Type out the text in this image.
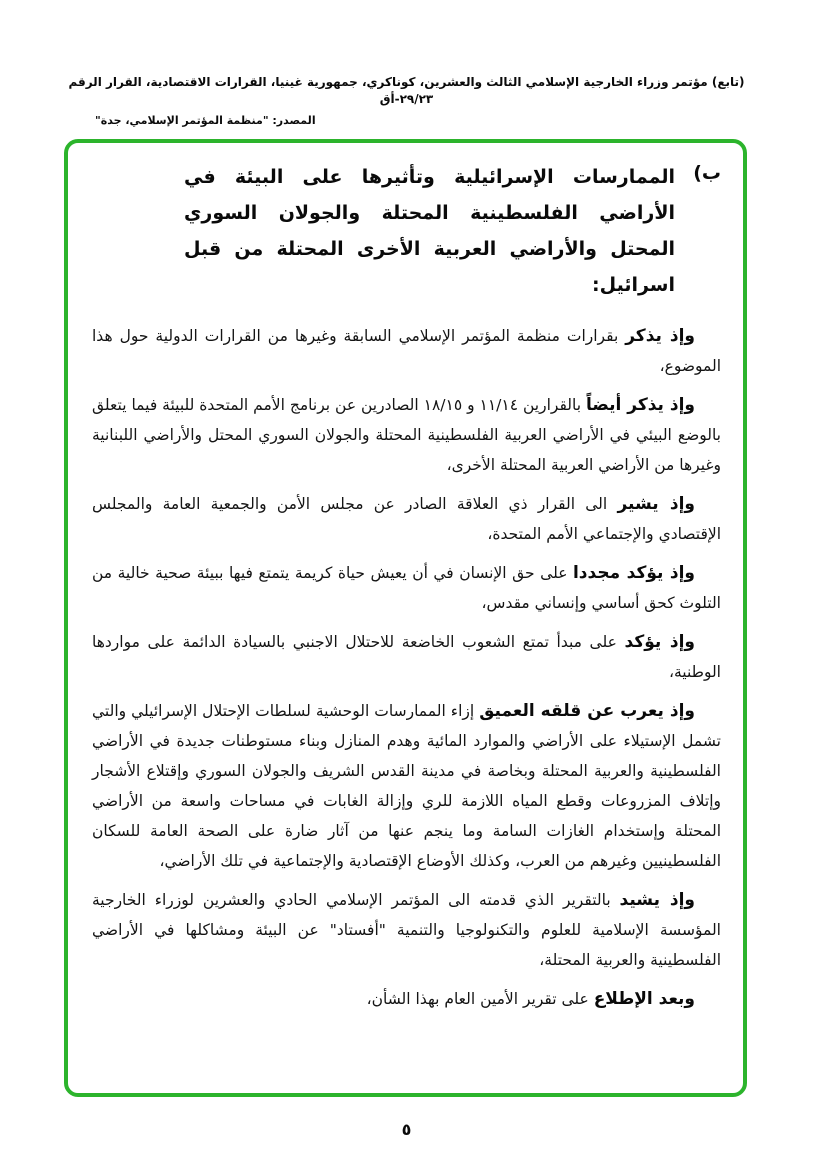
(تابع) مؤتمر وزراء الخارجية الإسلامي الثالث والعشرين، كوناكري، جمهورية غينيا، القرارات الاقتصادية، القرار الرقم ٢٩/٢٣-أق
المصدر: "منظمة المؤتمر الإسلامي، جدة"
ب)
الممارسات الإسرائيلية وتأثيرها على البيئة في الأراضي الفلسطينية المحتلة والجولان السوري المحتل والأراضي العربية الأخرى المحتلة من قبل اسرائيل:

وإذ يذكر بقرارات منظمة المؤتمر الإسلامي السابقة وغيرها من القرارات الدولية حول هذا الموضوع،

وإذ يذكر أيضاً بالقرارين ١١/١٤ و ١٨/١٥ الصادرين عن برنامج الأمم المتحدة للبيئة فيما يتعلق بالوضع البيئي في الأراضي العربية الفلسطينية المحتلة والجولان السوري المحتل والأراضي اللبنانية وغيرها من الأراضي العربية المحتلة الأخرى،

وإذ يشير الى القرار ذي العلاقة الصادر عن مجلس الأمن والجمعية العامة والمجلس الإقتصادي والإجتماعي الأمم المتحدة،

وإذ يؤكد مجددا على حق الإنسان في أن يعيش حياة كريمة يتمتع فيها ببيئة صحية خالية من التلوث كحق أساسي وإنساني مقدس،

وإذ يؤكد على مبدأ تمتع الشعوب الخاضعة للاحتلال الاجنبي بالسيادة الدائمة على مواردها الوطنية،

وإذ يعرب عن قلقه العميق إزاء الممارسات الوحشية لسلطات الإحتلال الإسرائيلي والتي تشمل الإستيلاء على الأراضي والموارد المائية وهدم المنازل وبناء مستوطنات جديدة في الأراضي الفلسطينية والعربية المحتلة وبخاصة في مدينة القدس الشريف والجولان السوري وإقتلاع الأشجار وإتلاف المزروعات وقطع المياه اللازمة للري وإزالة الغابات في مساحات واسعة من الأراضي المحتلة وإستخدام الغازات السامة وما ينجم عنها من آثار ضارة على الصحة العامة للسكان الفلسطينيين وغيرهم من العرب، وكذلك الأوضاع الإقتصادية والإجتماعية في تلك الأراضي،

وإذ يشيد بالتقرير الذي قدمته الى المؤتمر الإسلامي الحادي والعشرين لوزراء الخارجية المؤسسة الإسلامية للعلوم والتكنولوجيا والتنمية "أفستاد" عن البيئة ومشاكلها في الأراضي الفلسطينية والعربية المحتلة،

وبعد الإطلاع على تقرير الأمين العام بهذا الشأن،

٥
